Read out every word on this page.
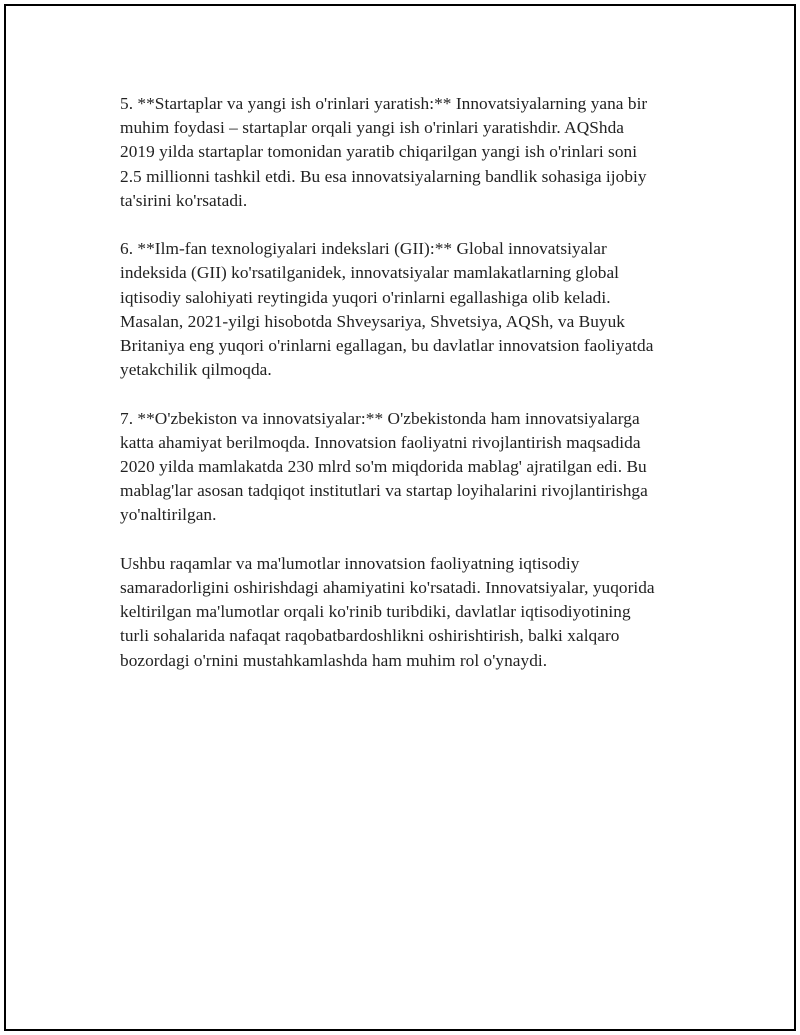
5. **Startaplar va yangi ish o'rinlari yaratish:** Innovatsiyalarning yana bir
muhim foydasi – startaplar orqali yangi ish o'rinlari yaratishdir. AQShda
2019 yilda startaplar tomonidan yaratib chiqarilgan yangi ish o'rinlari soni
2.5 millionni tashkil etdi. Bu esa innovatsiyalarning bandlik sohasiga ijobiy
ta'sirini ko'rsatadi.

6. **Ilm-fan texnologiyalari indekslari (GII):** Global innovatsiyalar
indeksida (GII) ko'rsatilganidek, innovatsiyalar mamlakatlarning global
iqtisodiy salohiyati reytingida yuqori o'rinlarni egallashiga olib keladi.
Masalan, 2021-yilgi hisobotda Shveysariya, Shvetsiya, AQSh, va Buyuk
Britaniya eng yuqori o'rinlarni egallagan, bu davlatlar innovatsion faoliyatda
yetakchilik qilmoqda.

7. **O'zbekiston va innovatsiyalar:** O'zbekistonda ham innovatsiyalarga
katta ahamiyat berilmoqda. Innovatsion faoliyatni rivojlantirish maqsadida
2020 yilda mamlakatda 230 mlrd so'm miqdorida mablag' ajratilgan edi. Bu
mablag'lar asosan tadqiqot institutlari va startap loyihalarini rivojlantirishga
yo'naltirilgan.

Ushbu raqamlar va ma'lumotlar innovatsion faoliyatning iqtisodiy
samaradorligini oshirishdagi ahamiyatini ko'rsatadi. Innovatsiyalar, yuqorida
keltirilgan ma'lumotlar orqali ko'rinib turibdiki, davlatlar iqtisodiyotining
turli sohalarida nafaqat raqobatbardoshlikni oshirishtirish, balki xalqaro
bozordagi o'rnini mustahkamlashda ham muhim rol o'ynaydi.
